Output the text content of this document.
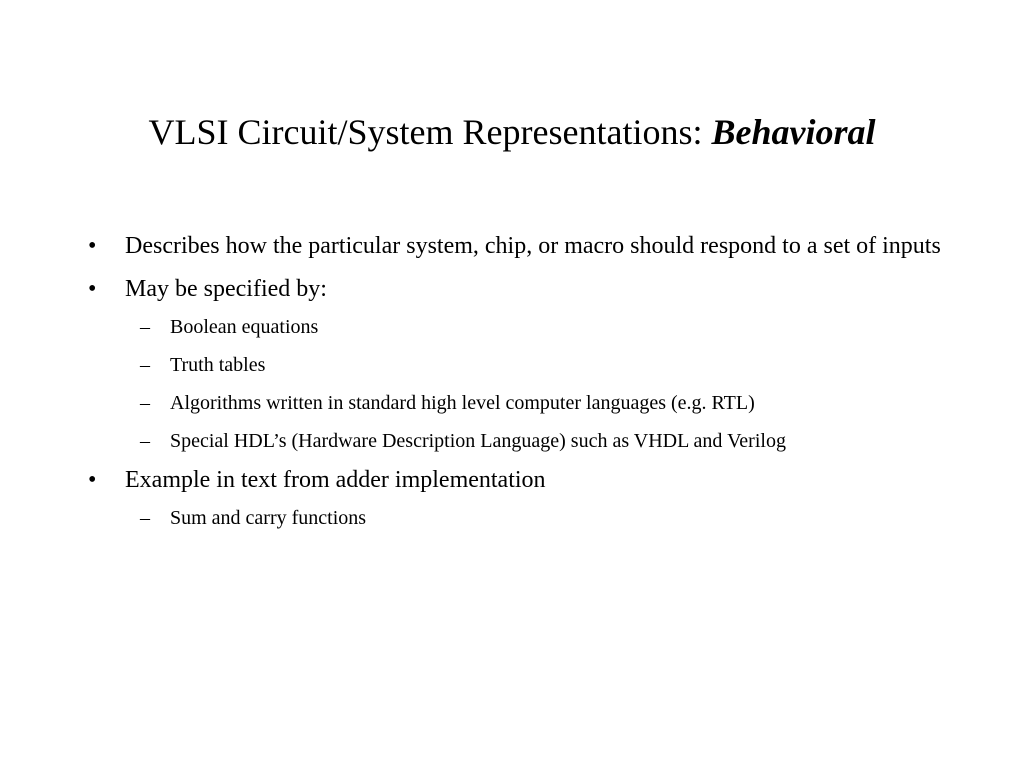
VLSI Circuit/System Representations: Behavioral
• Describes how the particular system, chip, or macro should respond to a set of inputs
• May be specified by:
– Boolean equations
– Truth tables
– Algorithms written in standard high level computer languages (e.g. RTL)
– Special HDL’s (Hardware Description Language) such as VHDL and Verilog
• Example in text from adder implementation
– Sum and carry functions
